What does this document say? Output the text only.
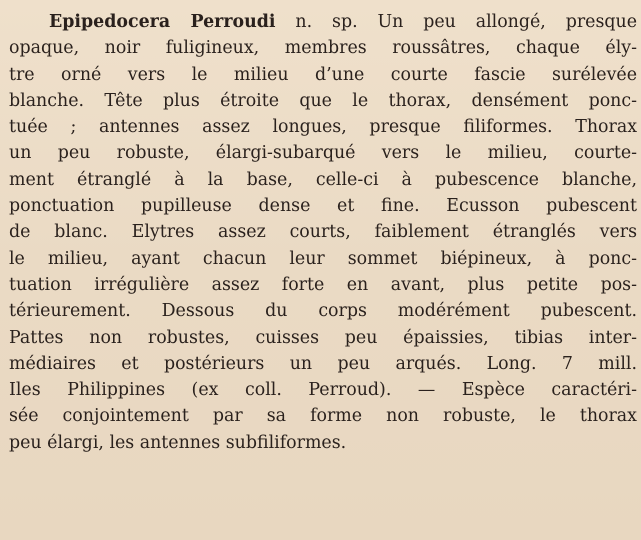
Epipedocera Perroudi n. sp. Un peu allongé, presque
opaque, noir fuligineux, membres roussâtres, chaque ély-
tre orné vers le milieu d’une courte fascie surélevée
blanche. Tête plus étroite que le thorax, densément ponc-
tuée ; antennes assez longues, presque filiformes. Thorax
un peu robuste, élargi-subarqué vers le milieu, courte-
ment étranglé à la base, celle-ci à pubescence blanche,
ponctuation pupilleuse dense et fine. Ecusson pubescent
de blanc. Elytres assez courts, faiblement étranglés vers
le milieu, ayant chacun leur sommet biépineux, à ponc-
tuation irrégulière assez forte en avant, plus petite pos-
térieurement. Dessous du corps modérément pubescent.
Pattes non robustes, cuisses peu épaissies, tibias inter-
médiaires et postérieurs un peu arqués. Long. 7 mill.
Iles Philippines (ex coll. Perroud). — Espèce caractéri-
sée conjointement par sa forme non robuste, le thorax
peu élargi, les antennes subfiliformes.
